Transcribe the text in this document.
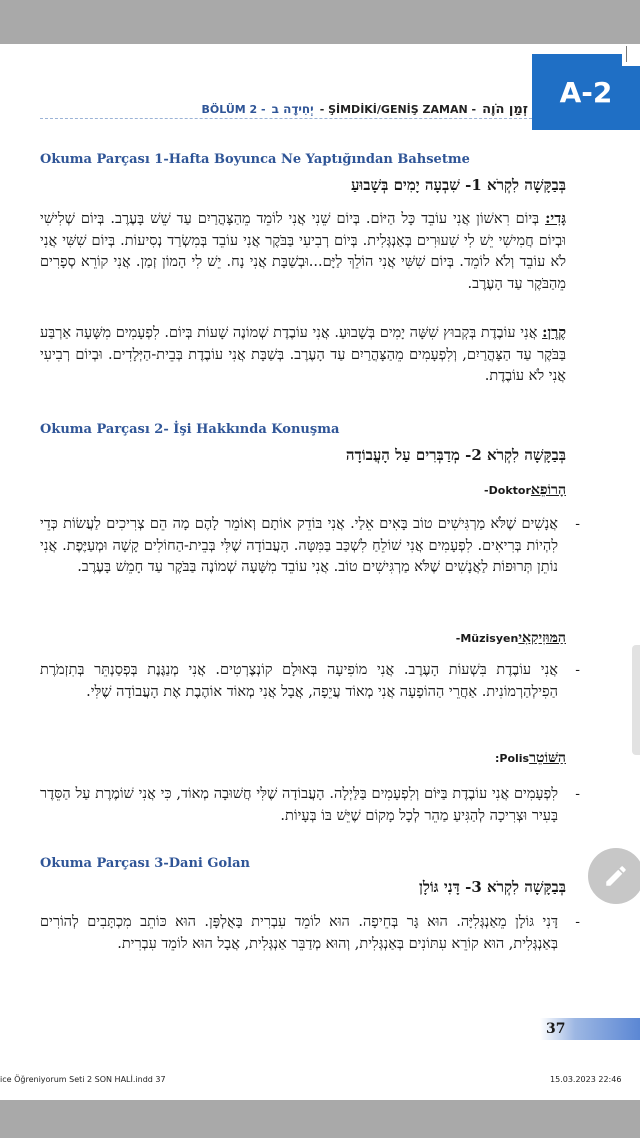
BÖLÜM 2 - יְחִידָה ב - ŞİMDİKİ/GENİŞ ZAMAN - זְמַן הֹוֶה
A-2
Okuma Parçası 1-Hafta Boyunca Ne Yaptığından Bahsetme
בְּבַקָּשָׁה לִקְרֹא 1- שִׁבְעָה יָמִים בְּשָׁבוּעַ

גָּדִי: בְּיוֹם רִאשׁוֹן אֲנִי עוֹבֵד כָּל הַיּוֹם. בְּיוֹם שֵׁנִי אֲנִי לוֹמֵד מֵהַצָּהֳרַיִם עַד שֵׁשׁ בָּעֶרֶב. בְּיוֹם שְׁלִישִׁי וּבְיוֹם חֲמִישִׁי יֵשׁ לִי שִׁעוּרִים בְּאַנְגְּלִית. בְּיוֹם רְבִיעִי בַּבֹּקֶר אֲנִי עוֹבֵד בְּמִשְׂרַד נְסִיעוֹת. בְּיוֹם שִׁשִּׁי אֲנִי לֹא עוֹבֵד וְלֹא לוֹמֵד. בְּיוֹם שִׁשִּׁי אֲנִי הוֹלֵךְ לַיָּם...וּבְשַׁבָּת אֲנִי נָח. יֵשׁ לִי הָמוֹן זְמַן. אֲנִי קוֹרֵא סְפָרִים מֵהַבֹּקֶר עַד הָעֶרֶב.

קֶרֶן: אֲנִי עוֹבֶדֶת בְּקְבוּץ שִׁשָּׁה יָמִים בְּשָׁבוּעַ. אֲנִי עוֹבֶדֶת שְׁמוֹנֶה שָׁעוֹת בְּיוֹם. לִפְעָמִים מִשָּׁעָה אַרְבַּע בַּבֹּקֶר עַד הַצָּהֳרַיִם, וְלִפְעָמִים מֵהַצָּהֳרַיִם עַד הָעֶרֶב. בְּשַׁבָּת אֲנִי עוֹבֶדֶת בְּבֵית-הַיְּלָדִים. וּבְיוֹם רְבִיעִי אֲנִי לֹא עוֹבֶדֶת.

Okuma Parçası 2- İşi Hakkında Konuşma
בְּבַקָּשָׁה לִקְרֹא 2- מְדַבְּרִים עַל הָעֲבוֹדָה
הָרוֹפֵאDoktor-
-
אֲנָשִׁים שֶׁלֹּא מַרְגִּישִׁים טוֹב בָּאִים אֵלַי. אֲנִי בּוֹדֵק אוֹתָם וְאוֹמֵר לָהֶם מָה הֵם צְרִיכִים לַעֲשׂוֹת כְּדֵי לִהְיוֹת בְּרִיאִים. לִפְעָמִים אֲנִי שׁוֹלֵחַ לִשְׁכַּב בַּמִּטָּה. הָעֲבוֹדָה שֶׁלִּי בְּבֵית-הַחוֹלִים קָשָׁה וּמְעַיֶּפֶת. אֲנִי נוֹתֵן תְּרוּפוֹת לַאֲנָשִׁים שֶׁלֹּא מַרְגִּישִׁים טוֹב. אֲנִי עוֹבֵד מִשָּׁעָה שְׁמוֹנֶה בַּבֹּקֶר עַד חָמֵשׁ בָּעֶרֶב.
הַמּוּזִיקַאִיMüzisyen-
-
אֲנִי עוֹבֶדֶת בִּשְׁעוֹת הָעֶרֶב. אֲנִי מוֹפִיעָה בְּאוּלָם קוֹנְצֶרְטִים. אֲנִי מְנַגֶּנֶת בְּפְסַנְתֵּר בְּתִזְמֹרֶת הַפִילְהַרְמוֹנִית. אַחֲרֵי הַהוֹפָעָה אֲנִי מְאוֹד עֲיֵפָה, אֲבָל אֲנִי מְאוֹד אוֹהֶבֶת אֶת הָעֲבוֹדָה שֶׁלִּי.
הַשּׁוֹטֵרPolis:
-
לִפְעָמִים אֲנִי עוֹבֶדֶת בַּיּוֹם וְלִפְעָמִים בַּלַּיְלָה. הָעֲבוֹדָה שֶׁלִּי חֲשׁוּבָה מְאוֹד, כִּי אֲנִי שׁוֹמֶרֶת עַל הַסֵּדֶר בָּעִיר וּצְרִיכָה לְהַגִּיעַ מַהֵר לְכָל מָקוֹם שֶׁיֵּשׁ בּוֹ בְּעָיוֹת.
Okuma Parçası 3-Dani Golan
בְּבַקָּשָׁה לִקְרֹא 3- דָּנִי גּוֹלָן
-
דָּנִי גּוֹלָן מֵאַנְגְּלִיָּה. הוּא גָּר בְּחֵיפָה. הוּא לוֹמֵד עִבְרִית בָּאֻלְפָּן. הוּא כּוֹתֵב מִכְתָּבִים לְהוֹרִים בְּאַנְגְּלִית, הוּא קוֹרֵא עִתּוֹנִים בְּאַנְגְּלִית, וְהוּא מְדַבֵּר אַנְגְּלִית, אֲבָל הוּא לוֹמֵד עִבְרִית.
37
ice Öğreniyorum Seti 2 SON HALİ.indd 37	15.03.2023 22:46
